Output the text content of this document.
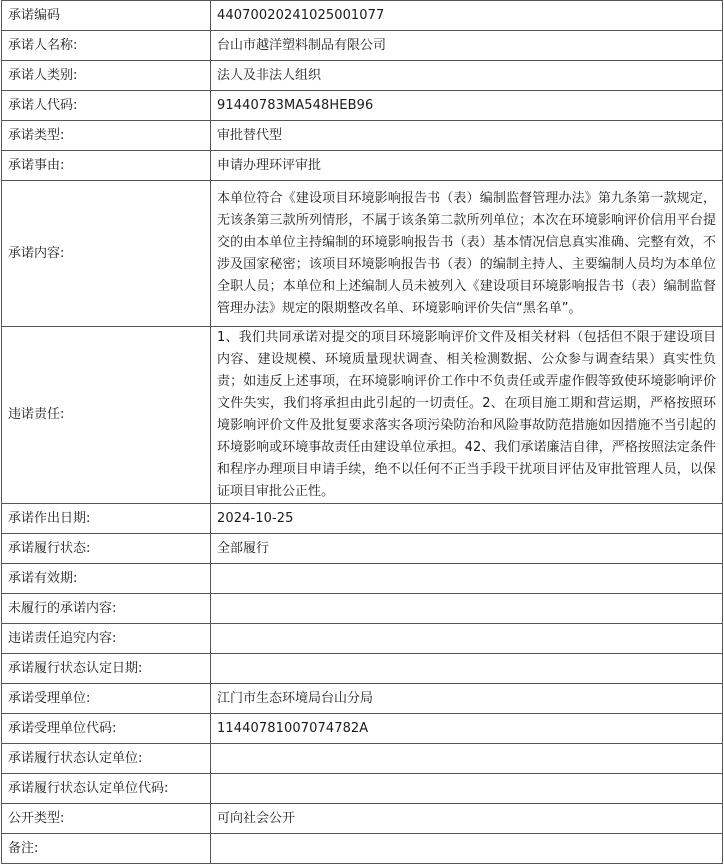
承诺编码	44070020241025001077
承诺人名称:	台山市越洋塑料制品有限公司
承诺人类别:	法人及非法人组织
承诺人代码:	91440783MA548HEB96
承诺类型:	审批替代型
承诺事由:	申请办理环评审批
承诺内容:	本单位符合《建设项目环境影响报告书（表）编制监督管理办法》第九条第一款规定，无该条第三款所列情形，不属于该条第二款所列单位；本次在环境影响评价信用平台提交的由本单位主持编制的环境影响报告书（表）基本情况信息真实准确、完整有效，不涉及国家秘密；该项目环境影响报告书（表）的编制主持人、主要编制人员均为本单位全职人员；本单位和上述编制人员未被列入《建设项目环境影响报告书（表）编制监督管理办法》规定的限期整改名单、环境影响评价失信“黑名单”。
违诺责任:	1、我们共同承诺对提交的项目环境影响评价文件及相关材料（包括但不限于建设项目内容、建设规模、环境质量现状调查、相关检测数据、公众参与调查结果）真实性负责；如违反上述事项，在环境影响评价工作中不负责任或弄虚作假等致使环境影响评价文件失实，我们将承担由此引起的一切责任。2、在项目施工期和营运期，严格按照环境影响评价文件及批复要求落实各项污染防治和风险事故防范措施如因措施不当引起的环境影响或环境事故责任由建设单位承担。42、我们承诺廉洁自律，严格按照法定条件和程序办理项目申请手续，绝不以任何不正当手段干扰项目评估及审批管理人员，以保证项目审批公正性。
承诺作出日期:	2024-10-25
承诺履行状态:	全部履行
承诺有效期:	
未履行的承诺内容:	
违诺责任追究内容:	
承诺履行状态认定日期:	
承诺受理单位:	江门市生态环境局台山分局
承诺受理单位代码:	11440781007074782A
承诺履行状态认定单位:	
承诺履行状态认定单位代码:	
公开类型:	可向社会公开
备注:	
